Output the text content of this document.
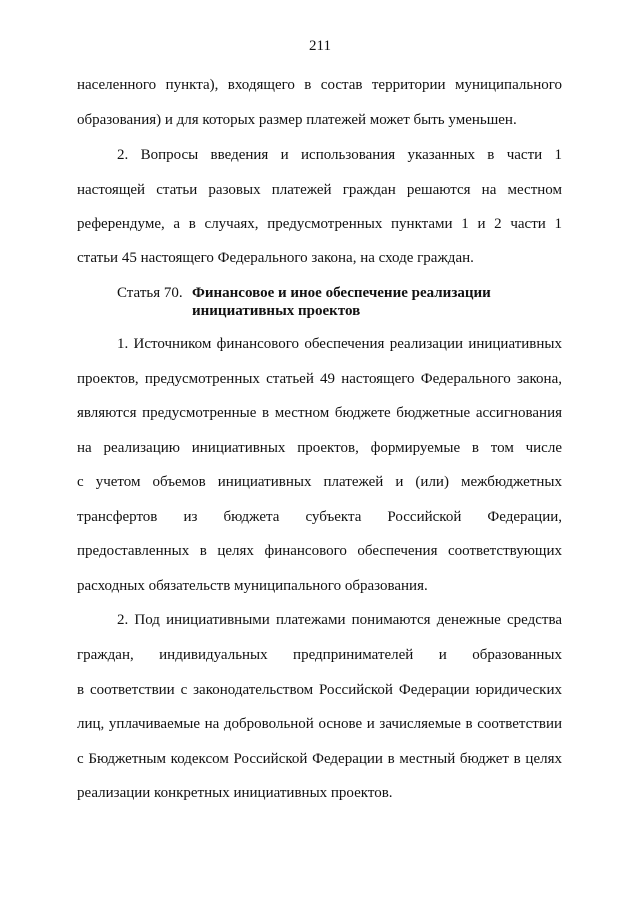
211
населенного пункта), входящего в состав территории муниципального
образования) и для которых размер платежей может быть уменьшен.
2. Вопросы введения и использования указанных в части 1
настоящей статьи разовых платежей граждан решаются на местном
референдуме, а в случаях, предусмотренных пунктами 1 и 2 части 1
статьи 45 настоящего Федерального закона, на сходе граждан.
Статья 70. Финансовое и иное обеспечение реализации
инициативных проектов
1. Источником финансового обеспечения реализации инициативных
проектов, предусмотренных статьей 49 настоящего Федерального закона,
являются предусмотренные в местном бюджете бюджетные ассигнования
на реализацию инициативных проектов, формируемые в том числе
с учетом объемов инициативных платежей и (или) межбюджетных
трансфертов из бюджета субъекта Российской Федерации,
предоставленных в целях финансового обеспечения соответствующих
расходных обязательств муниципального образования.
2. Под инициативными платежами понимаются денежные средства
граждан, индивидуальных предпринимателей и образованных
в соответствии с законодательством Российской Федерации юридических
лиц, уплачиваемые на добровольной основе и зачисляемые в соответствии
с Бюджетным кодексом Российской Федерации в местный бюджет в целях
реализации конкретных инициативных проектов.
